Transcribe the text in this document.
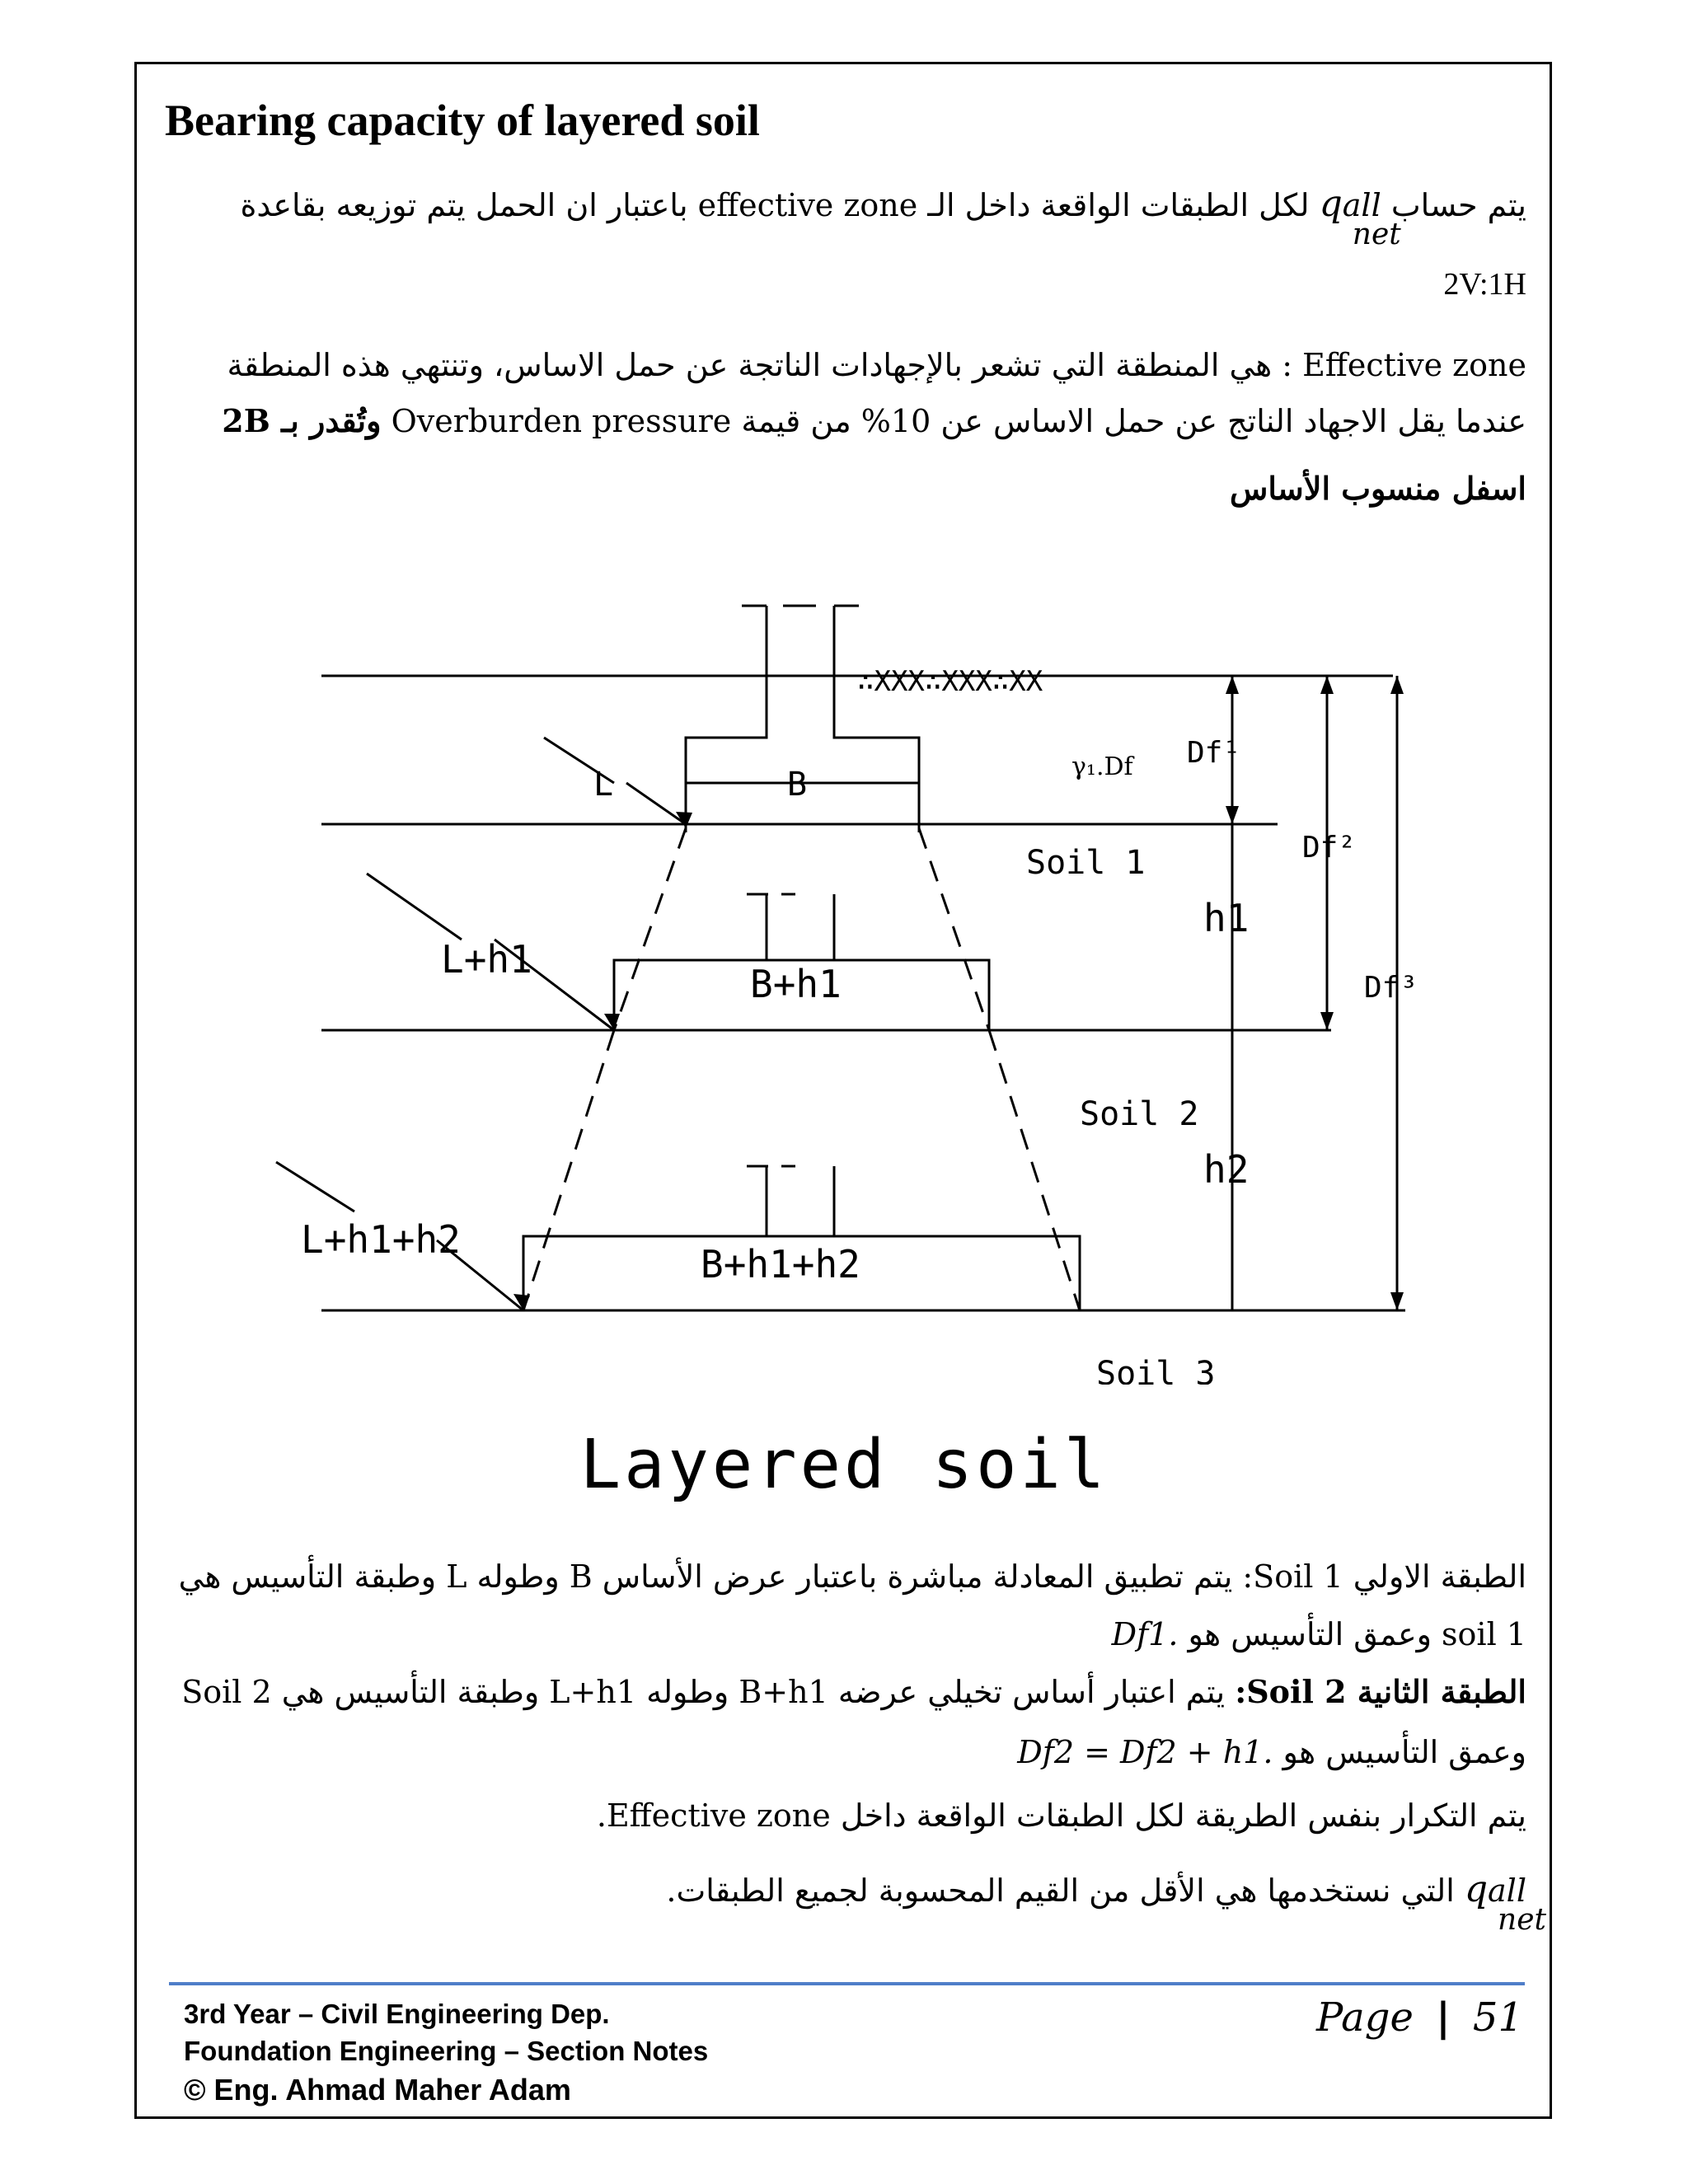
Bearing capacity of layered soil
يتم حساب qall
net
لكل الطبقات الواقعة داخل الـ effective zone باعتبار ان الحمل يتم توزيعه بقاعدة
2V:1H
Effective zone : هي المنطقة التي تشعر بالإجهادات الناتجة عن حمل الاساس، وتنتهي هذه المنطقة
عندما يقل الاجهاد الناتج عن حمل الاساس عن 10% من قيمة Overburden pressure وتُقدر بـ 2B
اسفل منسوب الأساس
∴XXX∴XXX∴XX
L	B	γ₁.Df Df¹
Df²
Df³
Soil 1
h1
L+h1
B+h1
Soil 2
h2
L+h1+h2
B+h1+h2
Soil 3
Layered soil
الطبقة الاولي Soil 1: يتم تطبيق المعادلة مباشرة باعتبار عرض الأساس B وطوله L وطبقة التأسيس هي
soil 1 وعمق التأسيس هو Df1.
الطبقة الثانية Soil 2: يتم اعتبار أساس تخيلي عرضه B+h1 وطوله L+h1 وطبقة التأسيس هي Soil 2
وعمق التأسيس هو Df2 = Df2 + h1.
يتم التكرار بنفس الطريقة لكل الطبقات الواقعة داخل Effective zone.
qall
net
التي نستخدمها هي الأقل من القيم المحسوبة لجميع الطبقات.
3rd Year – Civil Engineering Dep.
Foundation Engineering – Section Notes
© Eng. Ahmad Maher Adam
Page | 51
